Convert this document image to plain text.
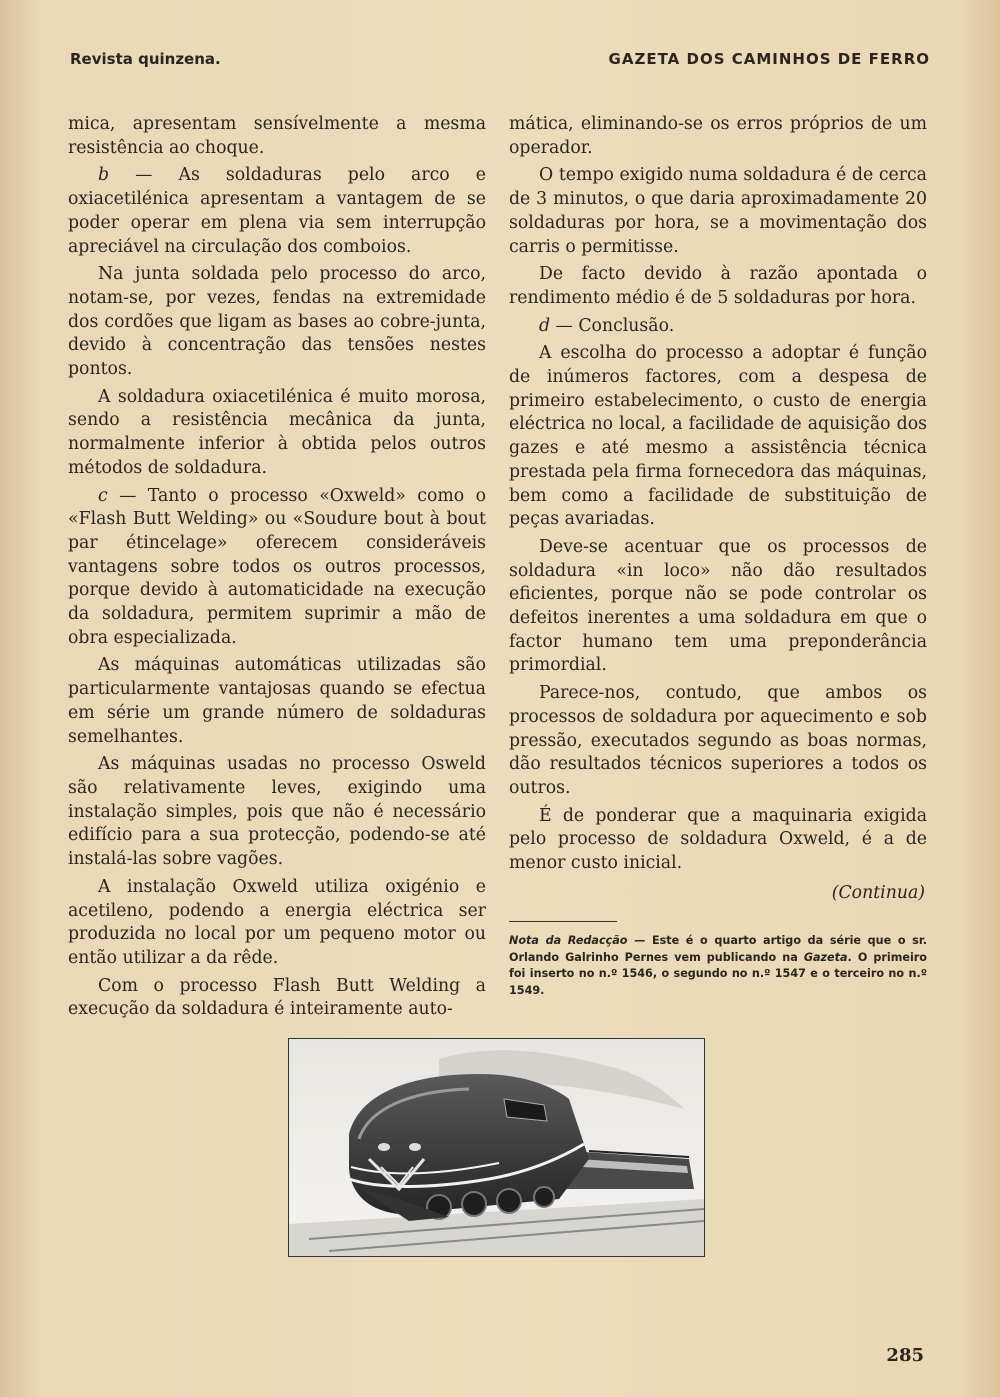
Revista quinzena.	GAZETA DOS CAMINHOS DE FERRO

mica, apresentam sensívelmente a mesma resistência ao choque.

b — As soldaduras pelo arco e oxiacetilénica apresentam a vantagem de se poder operar em plena via sem interrupção apreciável na circulação dos comboios.

Na junta soldada pelo processo do arco, notam-se, por vezes, fendas na extremidade dos cordões que ligam as bases ao cobre-junta, devido à concentração das tensões nestes pontos.

A soldadura oxiacetilénica é muito morosa, sendo a resistência mecânica da junta, normalmente inferior à obtida pelos outros métodos de soldadura.

c — Tanto o processo «Oxweld» como o «Flash Butt Welding» ou «Soudure bout à bout par étincelage» oferecem consideráveis vantagens sobre todos os outros processos, porque devido à automaticidade na execução da soldadura, permitem suprimir a mão de obra especializada.

As máquinas automáticas utilizadas são particularmente vantajosas quando se efectua em série um grande número de soldaduras semelhantes.

As máquinas usadas no processo Osweld são relativamente leves, exigindo uma instalação simples, pois que não é necessário edifício para a sua protecção, podendo-se até instalá-las sobre vagões.

A instalação Oxweld utiliza oxigénio e acetileno, podendo a energia eléctrica ser produzida no local por um pequeno motor ou então utilizar a da rêde.

Com o processo Flash Butt Welding a execução da soldadura é inteiramente auto-

mática, eliminando-se os erros próprios de um operador.

O tempo exigido numa soldadura é de cerca de 3 minutos, o que daria aproximadamente 20 soldaduras por hora, se a movimentação dos carris o permitisse.

De facto devido à razão apontada o rendimento médio é de 5 soldaduras por hora.

d — Conclusão.

A escolha do processo a adoptar é função de inúmeros factores, com a despesa de primeiro estabelecimento, o custo de energia eléctrica no local, a facilidade de aquisição dos gazes e até mesmo a assistência técnica prestada pela firma fornecedora das máquinas, bem como a facilidade de substituição de peças avariadas.

Deve-se acentuar que os processos de soldadura «in loco» não dão resultados eficientes, porque não se pode controlar os defeitos inerentes a uma soldadura em que o factor humano tem uma preponderância primordial.

Parece-nos, contudo, que ambos os processos de soldadura por aquecimento e sob pressão, executados segundo as boas normas, dão resultados técnicos superiores a todos os outros.

É de ponderar que a maquinaria exigida pelo processo de soldadura Oxweld, é a de menor custo inicial.

(Continua)

Nota da Redacção — Este é o quarto artigo da série que o sr. Orlando Galrinho Pernes vem publicando na Gazeta. O primeiro foi inserto no n.º 1546, o segundo no n.º 1547 e o terceiro no n.º 1549.
285
